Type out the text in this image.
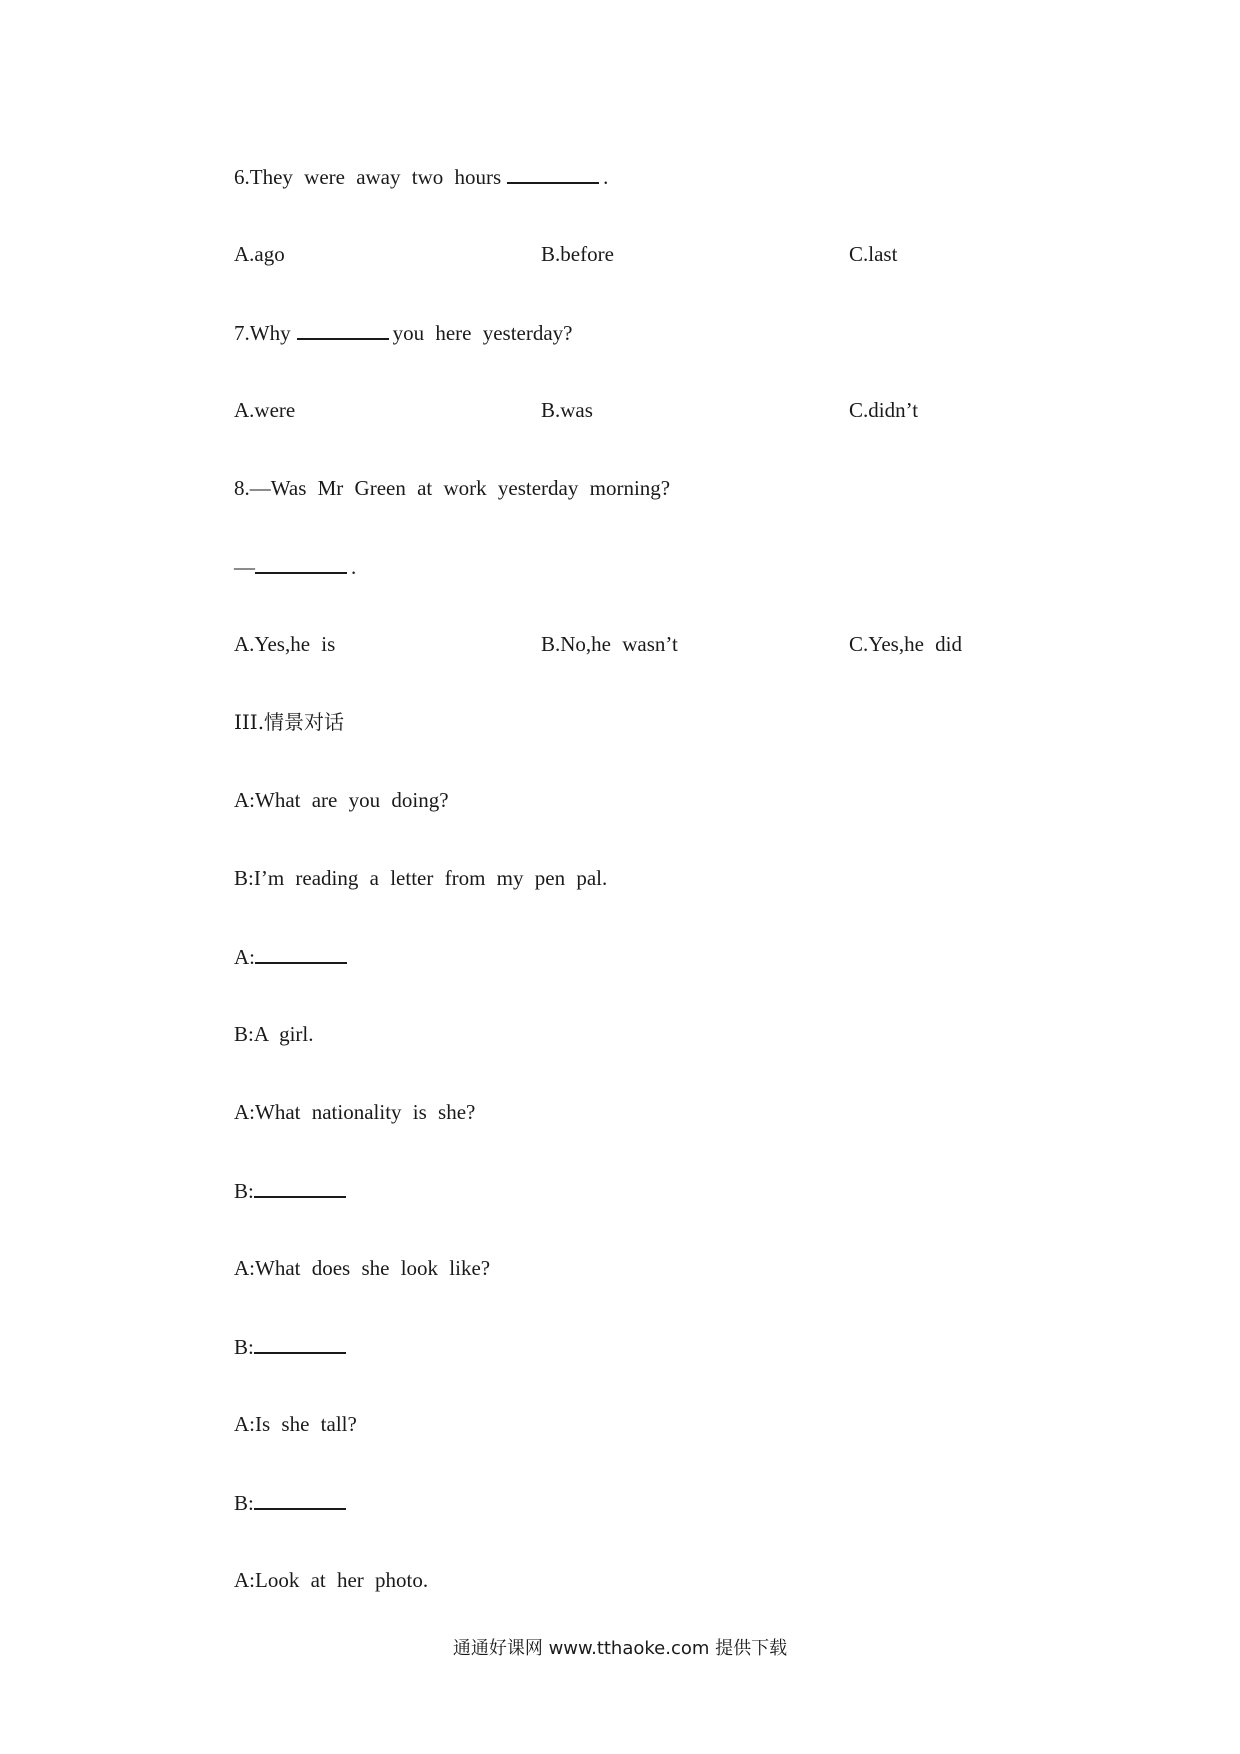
6.They were away two hours	.
A.ago	B.before	C.last
7.Why	you here yesterday?
A.were	B.was	C.didn’t
8.—Was Mr Green at work yesterday morning?
—	.
A.Yes,he is	B.No,he wasn’t	C.Yes,he did
III.情景对话
A:What are you doing?
B:I’m reading a letter from my pen pal.
A:
B:A girl.
A:What nationality is she?
B:
A:What does she look like?
B:
A:Is she tall?
B:
A:Look at her photo.
通通好课网 www.tthaoke.com 提供下载
